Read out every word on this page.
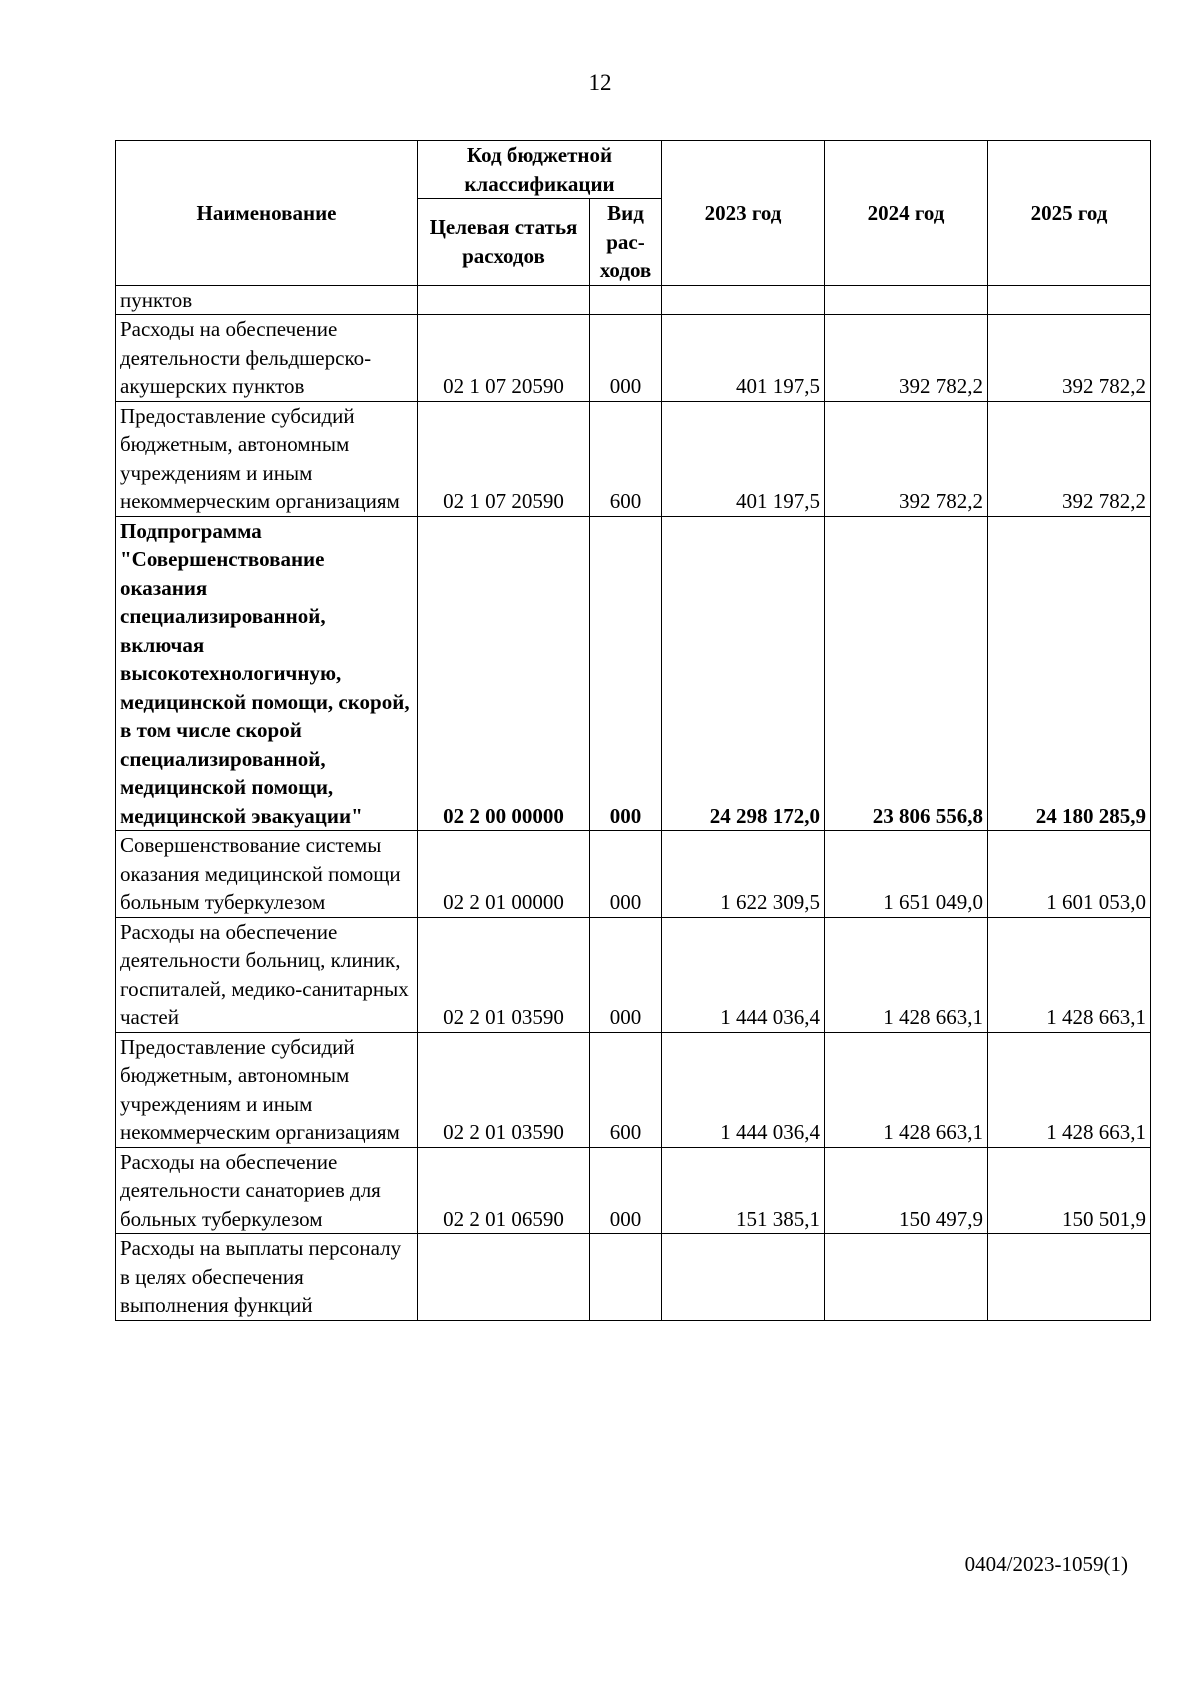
12
Наименование	Код бюджетной классификации		2023 год	2024 год	2025 год
	Целевая статья расходов	Вид рас-ходов			
пунктов					
Расходы на обеспечение деятельности фельдшерско-акушерских пунктов	02 1 07 20590	000	401 197,5	392 782,2	392 782,2
Предоставление субсидий бюджетным, автономным учреждениям и иным некоммерческим организациям	02 1 07 20590	600	401 197,5	392 782,2	392 782,2
Подпрограмма "Совершенствование оказания специализированной, включая высокотехнологичную, медицинской помощи, скорой, в том числе скорой специализированной, медицинской помощи, медицинской эвакуации"	02 2 00 00000	000	24 298 172,0	23 806 556,8	24 180 285,9
Совершенствование системы оказания медицинской помощи больным туберкулезом	02 2 01 00000	000	1 622 309,5	1 651 049,0	1 601 053,0
Расходы на обеспечение деятельности больниц, клиник, госпиталей, медико-санитарных частей	02 2 01 03590	000	1 444 036,4	1 428 663,1	1 428 663,1
Предоставление субсидий бюджетным, автономным учреждениям и иным некоммерческим организациям	02 2 01 03590	600	1 444 036,4	1 428 663,1	1 428 663,1
Расходы на обеспечение деятельности санаториев для больных туберкулезом	02 2 01 06590	000	151 385,1	150 497,9	150 501,9
Расходы на выплаты персоналу в целях обеспечения выполнения функций					
0404/2023-1059(1)
